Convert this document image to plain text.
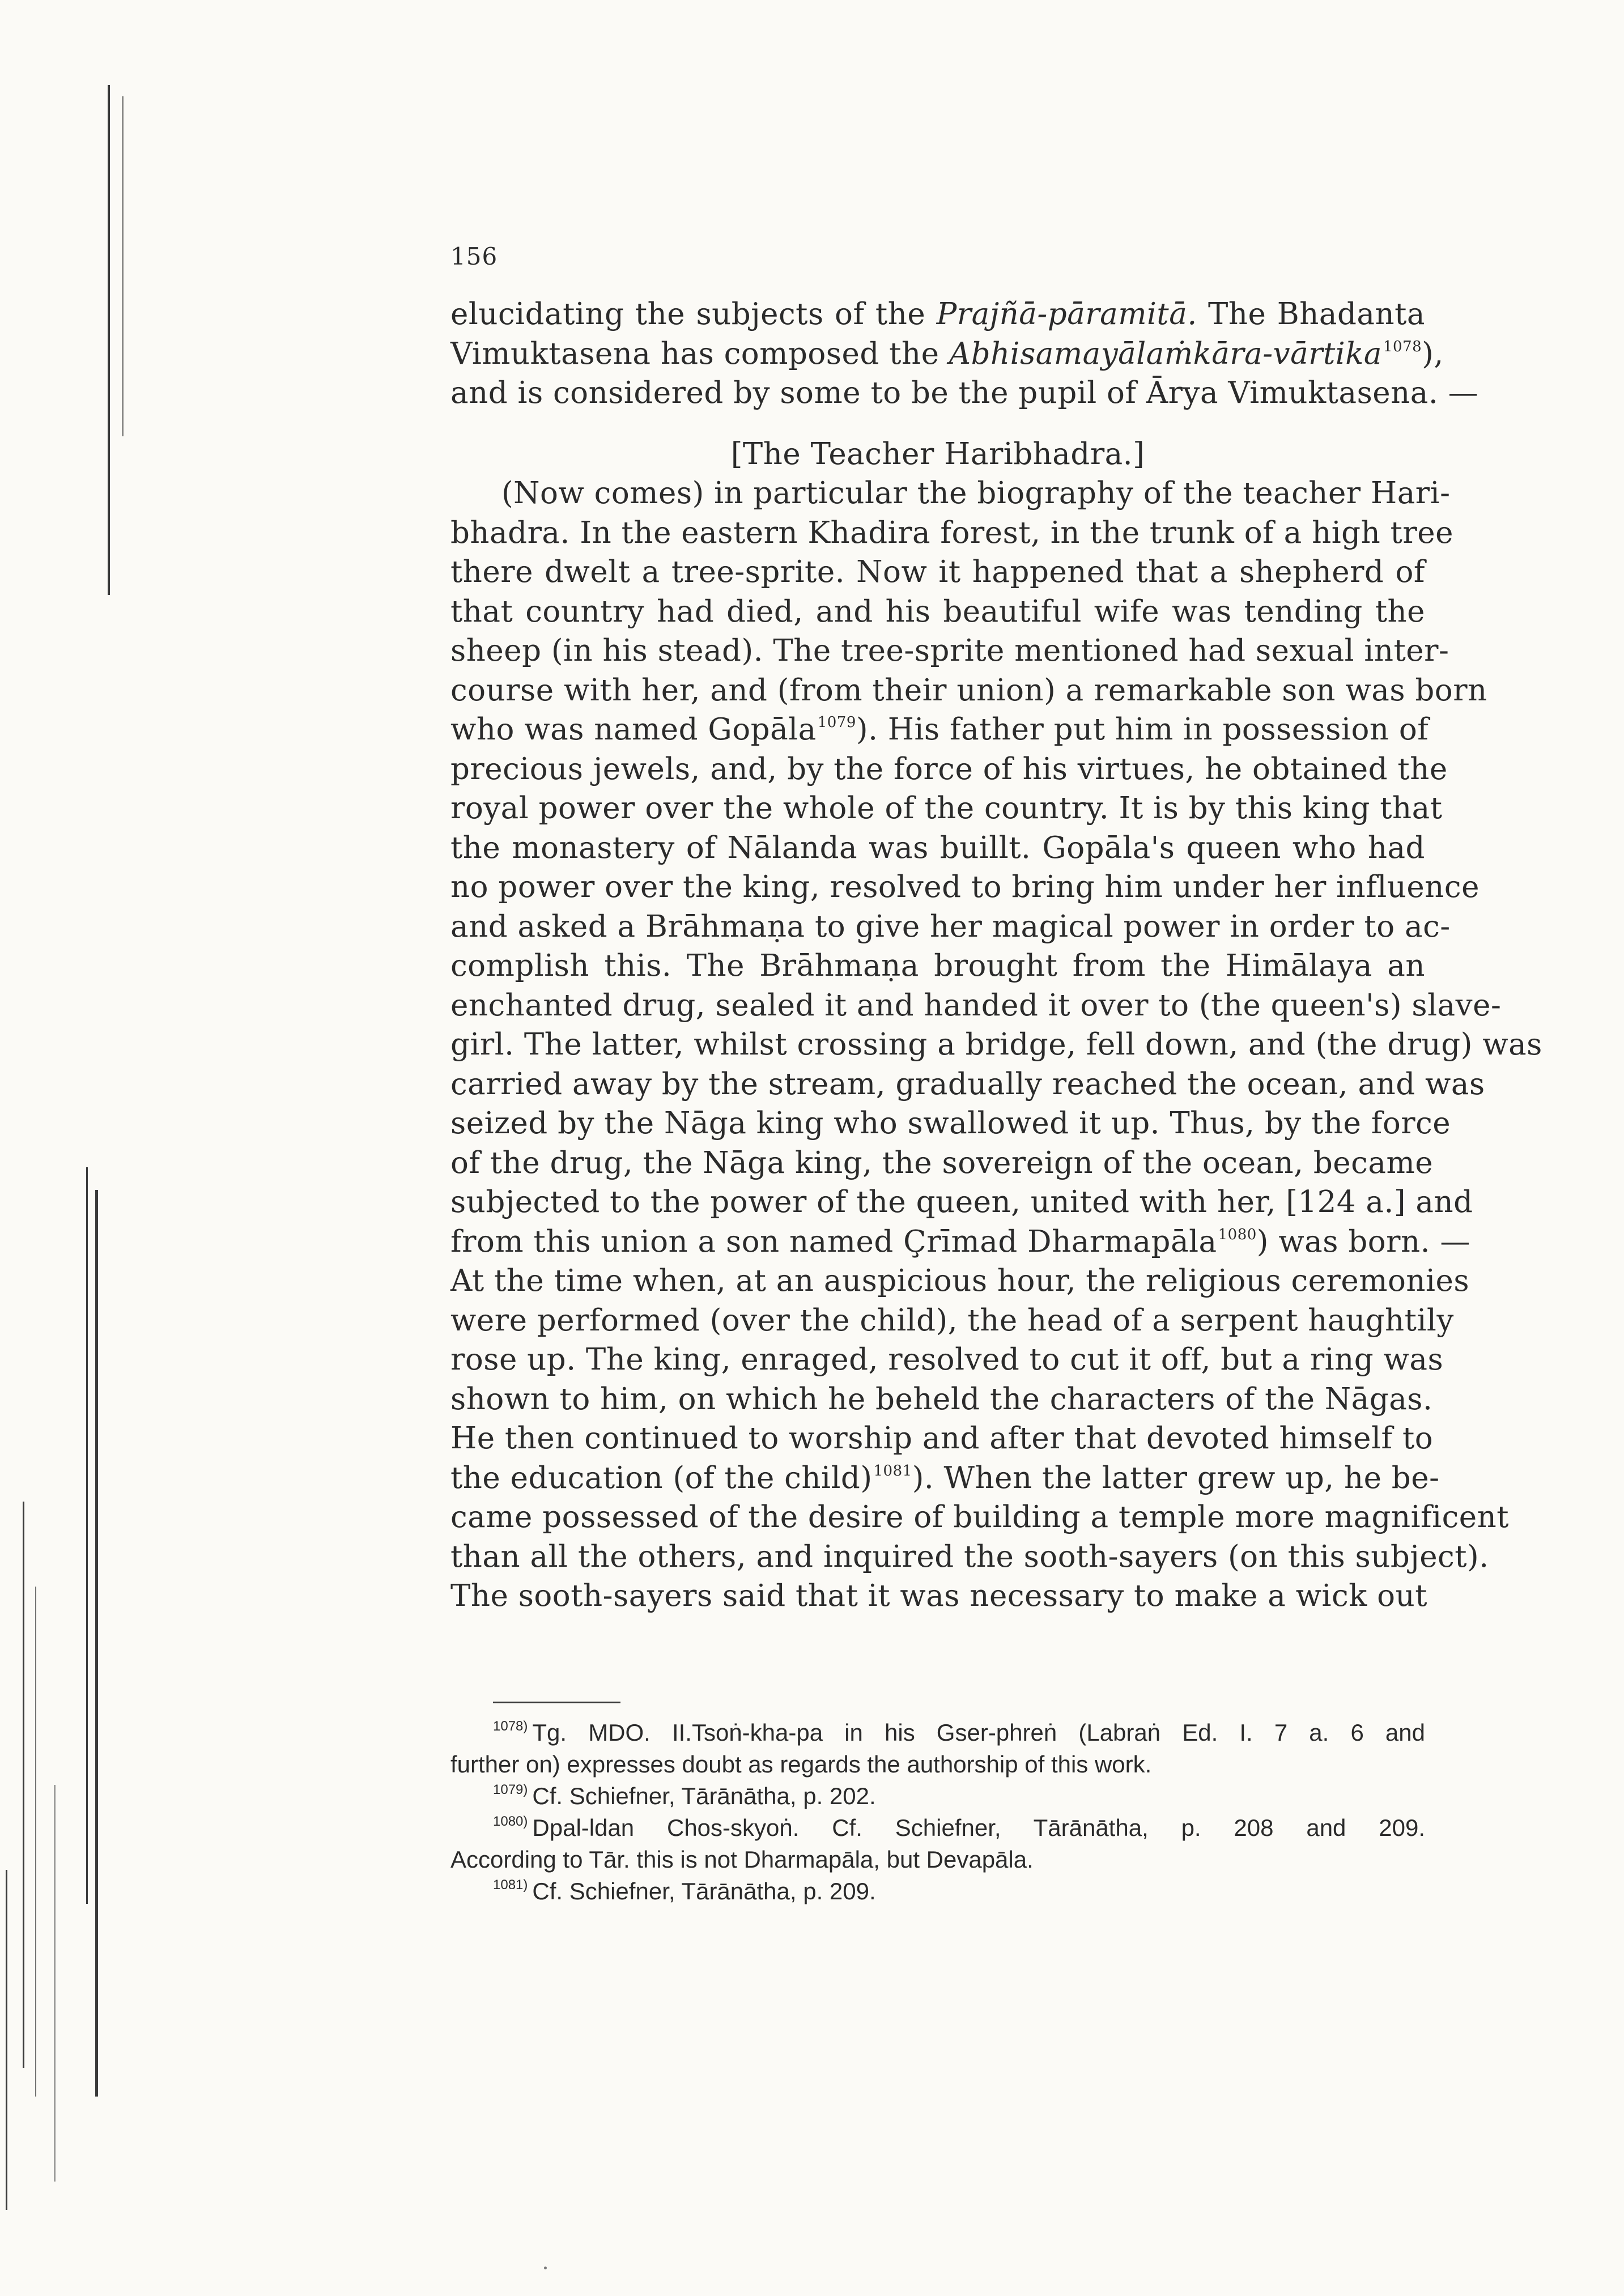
156
elucidating the subjects of the Prajñā-pāramitā. The Bhadanta
Vimuktasena has composed the Abhisamayālaṁkāra-vārtika$^{1078}$),
and is considered by some to be the pupil of Ārya Vimuktasena. —
[The Teacher Haribhadra.]
(Now comes) in particular the biography of the teacher Hari-
bhadra. In the eastern Khadira forest, in the trunk of a high tree
there dwelt a tree-sprite. Now it happened that a shepherd of
that country had died, and his beautiful wife was tending the
sheep (in his stead). The tree-sprite mentioned had sexual inter-
course with her, and (from their union) a remarkable son was born
who was named Gopāla$^{1079}$). His father put him in possession of
precious jewels, and, by the force of his virtues, he obtained the
royal power over the whole of the country. It is by this king that
the monastery of Nālanda was buillt. Gopāla's queen who had
no power over the king, resolved to bring him under her influence
and asked a Brāhmaṇa to give her magical power in order to ac-
complish this. The Brāhmaṇa brought from the Himālaya an
enchanted drug, sealed it and handed it over to (the queen's) slave-
girl. The latter, whilst crossing a bridge, fell down, and (the drug) was
carried away by the stream, gradually reached the ocean, and was
seized by the Nāga king who swallowed it up. Thus, by the force
of the drug, the Nāga king, the sovereign of the ocean, became
subjected to the power of the queen, united with her, [124 a.] and
from this union a son named Çrīmad Dharmapāla$^{1080}$) was born. —
At the time when, at an auspicious hour, the religious ceremonies
were performed (over the child), the head of a serpent haughtily
rose up. The king, enraged, resolved to cut it off, but a ring was
shown to him, on which he beheld the characters of the Nāgas.
He then continued to worship and after that devoted himself to
the education (of the child)$^{1081}$). When the latter grew up, he be-
came possessed of the desire of building a temple more magnificent
than all the others, and inquired the sooth-sayers (on this subject).
The sooth-sayers said that it was necessary to make a wick out
$^{1078)}$ Tg. MDO. II.Tsoṅ-kha-pa in his Gser-phreṅ (Labraṅ Ed. I. 7 a. 6 and
further on) expresses doubt as regards the authorship of this work.
$^{1079)}$ Cf. Schiefner, Tārānātha, p. 202.
$^{1080)}$ Dpal-ldan Chos-skyoṅ. Cf. Schiefner, Tārānātha, p. 208 and 209.
According to Tār. this is not Dharmapāla, but Devapāla.
$^{1081)}$ Cf. Schiefner, Tārānātha, p. 209.
